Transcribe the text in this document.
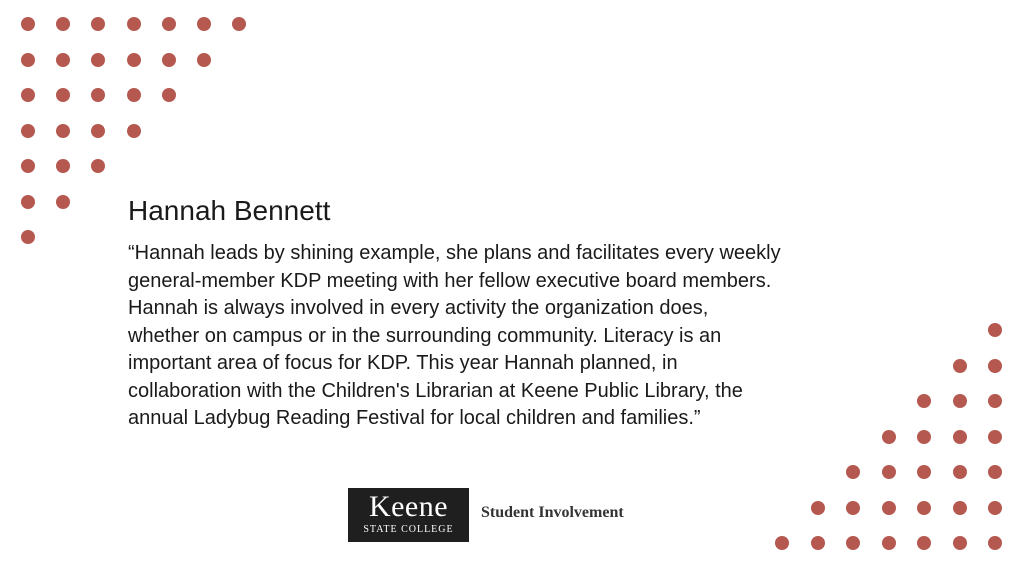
Hannah Bennett

“Hannah leads by shining example, she plans and facilitates every weekly
general-member KDP meeting with her fellow executive board members.
Hannah is always involved in every activity the organization does,
whether on campus or in the surrounding community. Literacy is an
important area of focus for KDP. This year Hannah planned, in
collaboration with the Children's Librarian at Keene Public Library, the
annual Ladybug Reading Festival for local children and families.”

Keene
STATE COLLEGE
Student Involvement
